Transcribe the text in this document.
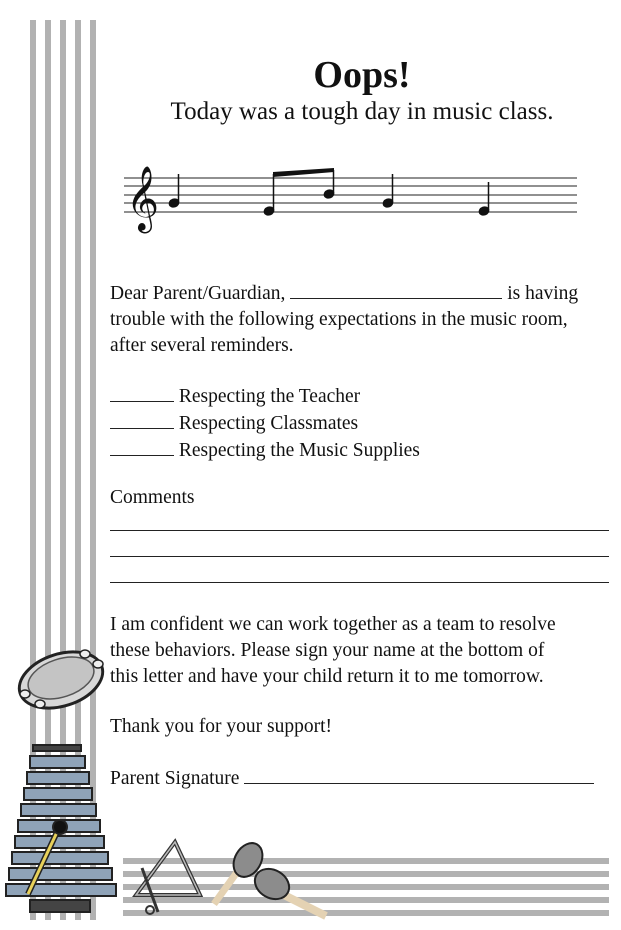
𝄞
Oops!
Today was a tough day in music class.
Dear Parent/Guardian,	is having
trouble with the following expectations in the music room,
after several reminders.
Respecting the Teacher
Respecting Classmates
Respecting the Music Supplies
Comments
I am confident we can work together as a team to resolve
these behaviors. Please sign your name at the bottom of
this letter and have your child return it to me tomorrow.
Thank you for your support!
Parent Signature
